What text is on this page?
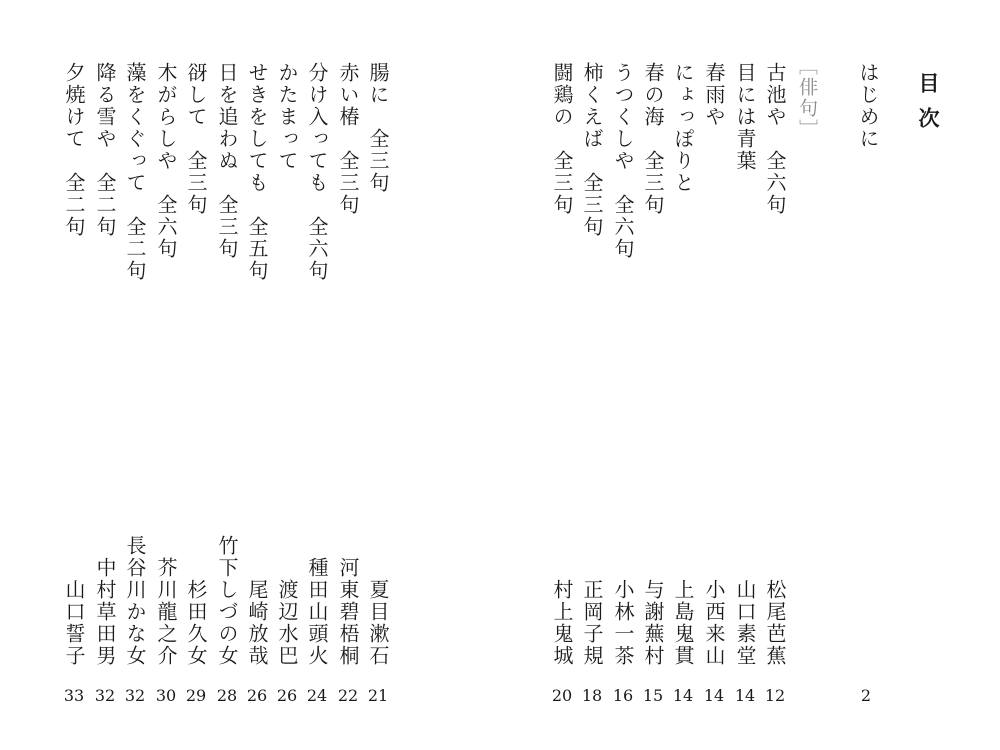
目次
はじめに
2
［俳句］
古池や　全六句
松尾芭蕉
12
目には青葉
山口素堂
14
春雨や
小西来山
14
にょっぽりと
上島鬼貫
14
春の海　全三句
与謝蕪村
15
うつくしや　全六句
小林一茶
16
柿くえば　全三句
正岡子規
18
闘鶏の　全三句
村上鬼城
20
腸に　全三句
夏目漱石
21
赤い椿　全三句
河東碧梧桐
22
分け入っても　全六句
種田山頭火
24
かたまって
渡辺水巴
26
せきをしても　全五句
尾崎放哉
26
日を追わぬ　全三句
竹下しづの女
28
谺して　全三句
杉田久女
29
木がらしや　全六句
芥川龍之介
30
藻をくぐって　全二句
長谷川かな女
32
降る雪や　全二句
中村草田男
32
夕焼けて　全二句
山口誓子
33
